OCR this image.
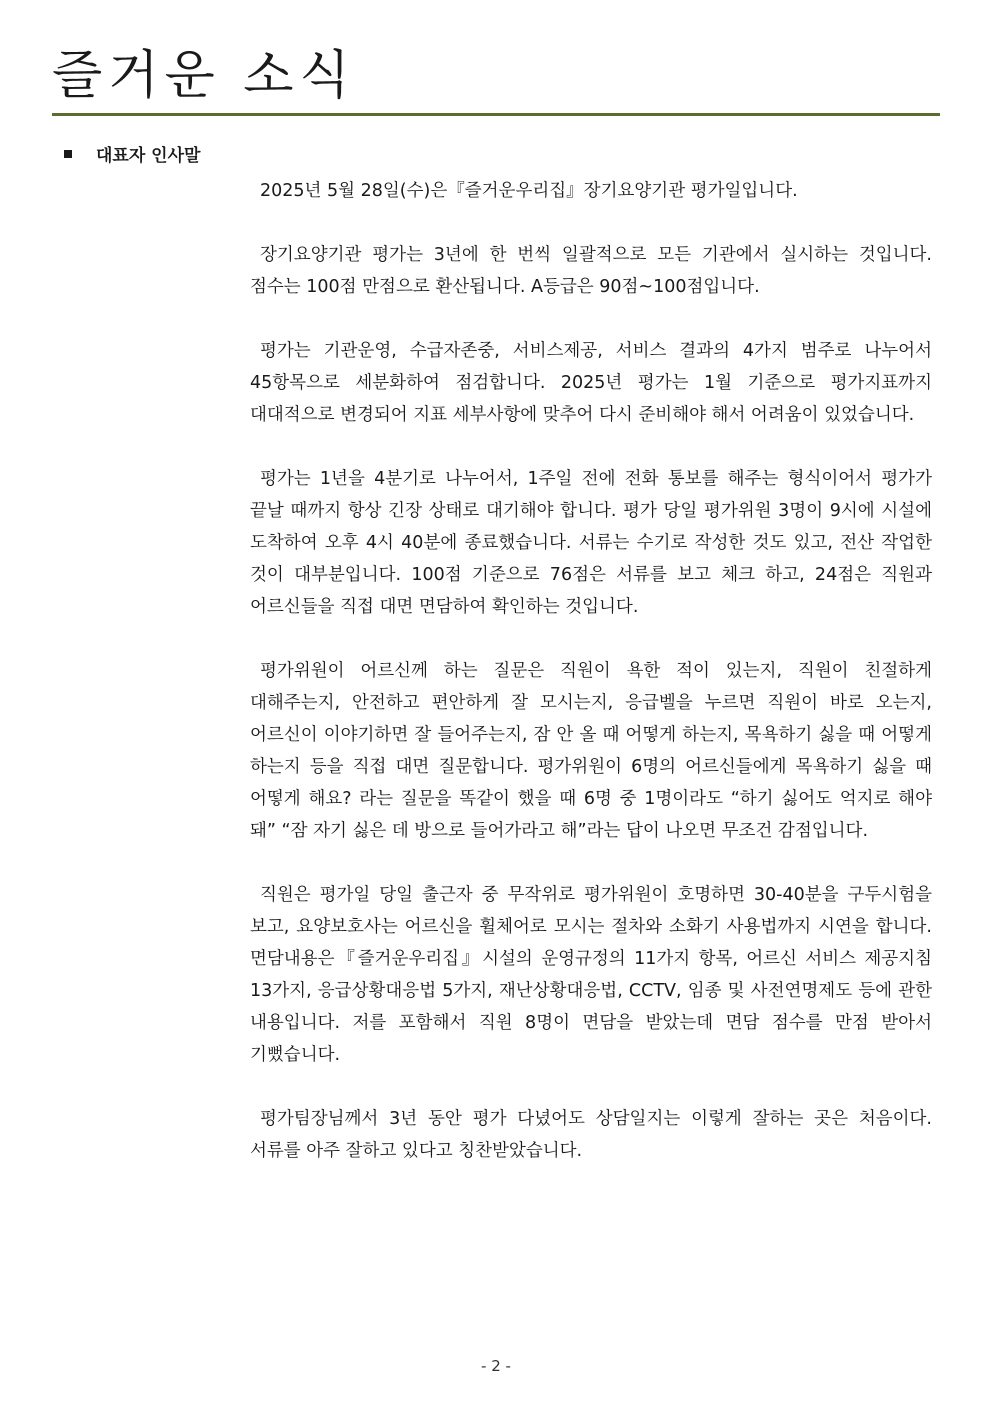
즐거운 소식
대표자 인사말

2025년 5월 28일(수)은『즐거운우리집』장기요양기관 평가일입니다.

장기요양기관 평가는 3년에 한 번씩 일괄적으로 모든 기관에서 실시하는 것입니다. 점수는 100점 만점으로 환산됩니다. A등급은 90점~100점입니다.

평가는 기관운영, 수급자존중, 서비스제공, 서비스 결과의 4가지 범주로 나누어서 45항목으로 세분화하여 점검합니다. 2025년 평가는 1월 기준으로 평가지표까지 대대적으로 변경되어 지표 세부사항에 맞추어 다시 준비해야 해서 어려움이 있었습니다.

평가는 1년을 4분기로 나누어서, 1주일 전에 전화 통보를 해주는 형식이어서 평가가 끝날 때까지 항상 긴장 상태로 대기해야 합니다. 평가 당일 평가위원 3명이 9시에 시설에 도착하여 오후 4시 40분에 종료했습니다. 서류는 수기로 작성한 것도 있고, 전산 작업한 것이 대부분입니다. 100점 기준으로 76점은 서류를 보고 체크 하고, 24점은 직원과 어르신들을 직접 대면 면담하여 확인하는 것입니다.

평가위원이 어르신께 하는 질문은 직원이 욕한 적이 있는지, 직원이 친절하게 대해주는지, 안전하고 편안하게 잘 모시는지, 응급벨을 누르면 직원이 바로 오는지, 어르신이 이야기하면 잘 들어주는지, 잠 안 올 때 어떻게 하는지, 목욕하기 싫을 때 어떻게 하는지 등을 직접 대면 질문합니다. 평가위원이 6명의 어르신들에게 목욕하기 싫을 때 어떻게 해요? 라는 질문을 똑같이 했을 때 6명 중 1명이라도 “하기 싫어도 억지로 해야 돼” “잠 자기 싫은 데 방으로 들어가라고 해”라는 답이 나오면 무조건 감점입니다.

직원은 평가일 당일 출근자 중 무작위로 평가위원이 호명하면 30-40분을 구두시험을 보고, 요양보호사는 어르신을 휠체어로 모시는 절차와 소화기 사용법까지 시연을 합니다. 면담내용은『즐거운우리집』시설의 운영규정의 11가지 항목, 어르신 서비스 제공지침 13가지, 응급상황대응법 5가지, 재난상황대응법, CCTV, 임종 및 사전연명제도 등에 관한 내용입니다. 저를 포함해서 직원 8명이 면담을 받았는데 면담 점수를 만점 받아서 기뻤습니다.

평가팀장님께서 3년 동안 평가 다녔어도 상담일지는 이렇게 잘하는 곳은 처음이다. 서류를 아주 잘하고 있다고 칭찬받았습니다.

- 2 -
